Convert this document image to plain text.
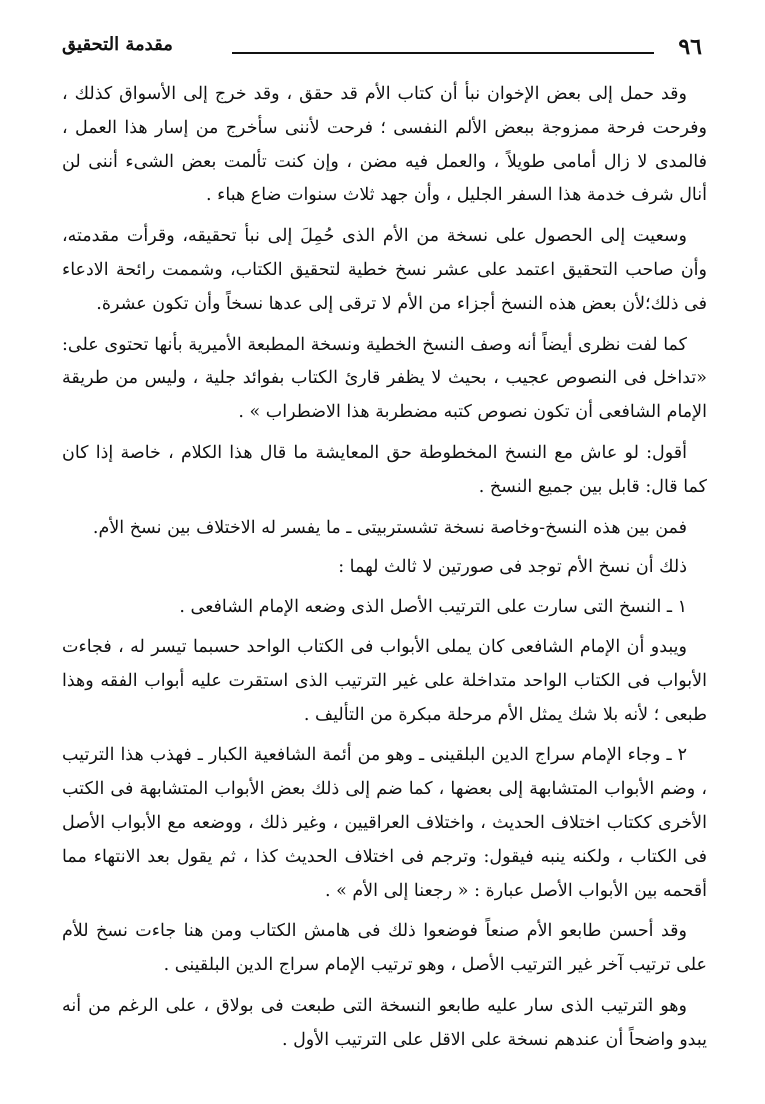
٩٦
مقدمة التحقيق

وقد حمل إلى بعض الإخوان نبأ أن كتاب الأم قد حقق ، وقد خرج إلى الأسواق كذلك ، وفرحت فرحة ممزوجة ببعض الألم النفسى ؛ فرحت لأننى سأخرج من إسار هذا العمل ، فالمدى لا زال أمامى طويلاً ، والعمل فيه مضن ، وإن كنت تألمت بعض الشىء أننى لن أنال شرف خدمة هذا السفر الجليل ، وأن جهد ثلاث سنوات ضاع هباء .

وسعيت إلى الحصول على نسخة من الأم الذى حُمِلَ إلى نبأ تحقيقه، وقرأت مقدمته، وأن صاحب التحقيق اعتمد على عشر نسخ خطية لتحقيق الكتاب، وشممت رائحة الادعاء فى ذلك؛لأن بعض هذه النسخ أجزاء من الأم لا ترقى إلى عدها نسخاً وأن تكون عشرة.

كما لفت نظرى أيضاً أنه وصف النسخ الخطية ونسخة المطبعة الأميرية بأنها تحتوى على: «تداخل فى النصوص عجيب ، بحيث لا يظفر قارئ الكتاب بفوائد جلية ، وليس من طريقة الإمام الشافعى أن تكون نصوص كتبه مضطربة هذا الاضطراب » .

أقول: لو عاش مع النسخ المخطوطة حق المعايشة ما قال هذا الكلام ، خاصة إذا كان كما قال: قابل بين جميع النسخ .

فمن بين هذه النسخ-وخاصة نسخة تشستربيتى ـ ما يفسر له الاختلاف بين نسخ الأم.

ذلك أن نسخ الأم توجد فى صورتين لا ثالث لهما :

١ ـ النسخ التى سارت على الترتيب الأصل الذى وضعه الإمام الشافعى .

ويبدو أن الإمام الشافعى كان يملى الأبواب فى الكتاب الواحد حسبما تيسر له ، فجاءت الأبواب فى الكتاب الواحد متداخلة على غير الترتيب الذى استقرت عليه أبواب الفقه وهذا طبعى ؛ لأنه بلا شك يمثل الأم مرحلة مبكرة من التأليف .

٢ ـ وجاء الإمام سراج الدين البلقينى ـ وهو من أئمة الشافعية الكبار ـ فهذب هذا الترتيب ، وضم الأبواب المتشابهة إلى بعضها ، كما ضم إلى ذلك بعض الأبواب المتشابهة فى الكتب الأخرى ككتاب اختلاف الحديث ، واختلاف العراقيين ، وغير ذلك ، ووضعه مع الأبواب الأصل فى الكتاب ، ولكنه ينبه فيقول: وترجم فى اختلاف الحديث كذا ، ثم يقول بعد الانتهاء مما أقحمه بين الأبواب الأصل عبارة : « رجعنا إلى الأم » .

وقد أحسن طابعو الأم صنعاً فوضعوا ذلك فى هامش الكتاب ومن هنا جاءت نسخ للأم على ترتيب آخر غير الترتيب الأصل ، وهو ترتيب الإمام سراج الدين البلقينى .

وهو الترتيب الذى سار عليه طابعو النسخة التى طبعت فى بولاق ، على الرغم من أنه يبدو واضحاً أن عندهم نسخة على الاقل على الترتيب الأول .
